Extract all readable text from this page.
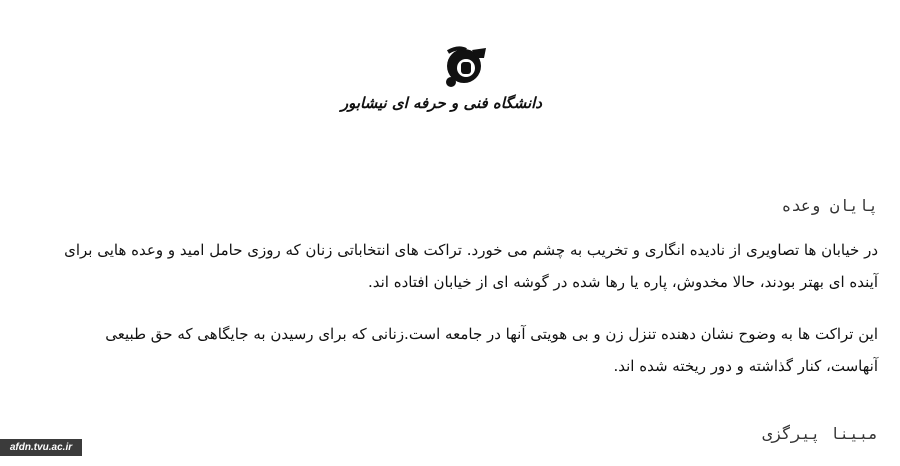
دانشگاه فنی و حرفه ای نیشابور
پایان وعده
در خیابان ها تصاویری از نادیده انگاری و تخریب به چشم می خورد. تراکت های انتخاباتی زنان که روزی حامل امید و وعده هایی برای آینده ای بهتر بودند، حالا مخدوش، پاره یا رها شده در گوشه ای از خیابان افتاده اند.
این تراکت ها به وضوح نشان دهنده تنزل زن و بی هویتی آنها در جامعه است.زنانی که برای رسیدن به جایگاهی که حق طبیعی آنهاست، کنار گذاشته و دور ریخته شده اند.
مبینا پیرگزی
afdn.tvu.ac.ir
